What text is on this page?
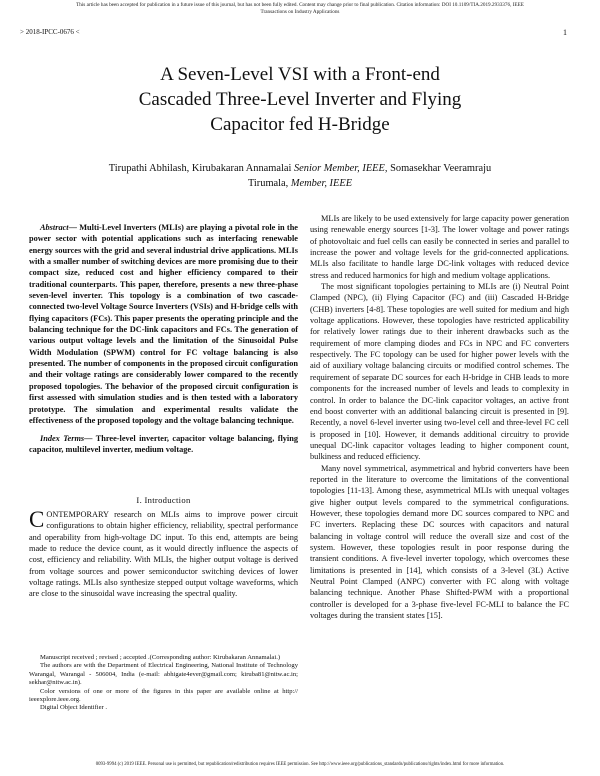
This article has been accepted for publication in a future issue of this journal, but has not been fully edited. Content may change prior to final publication. Citation information: DOI 10.1109/TIA.2019.2933376, IEEE
Transactions on Industry Applications
> 2018-IPCC-0676 <	1
A Seven-Level VSI with a Front-end
Cascaded Three-Level Inverter and Flying
Capacitor fed H-Bridge
Tirupathi Abhilash, Kirubakaran Annamalai Senior Member, IEEE, Somasekhar Veeramraju
Tirumala, Member, IEEE

Abstract— Multi-Level Inverters (MLIs) are playing a pivotal role in the power sector with potential applications such as interfacing renewable energy sources with the grid and several industrial drive applications. MLIs with a smaller number of switching devices are more promising due to their compact size, reduced cost and higher efficiency compared to their traditional counterparts. This paper, therefore, presents a new three-phase seven-level inverter. This topology is a combination of two cascade-connected two-level Voltage Source Inverters (VSIs) and H-bridge cells with flying capacitors (FCs). This paper presents the operating principle and the balancing technique for the DC-link capacitors and FCs. The generation of various output voltage levels and the limitation of the Sinusoidal Pulse Width Modulation (SPWM) control for FC voltage balancing is also presented. The number of components in the proposed circuit configuration and their voltage ratings are considerably lower compared to the recently proposed topologies. The behavior of the proposed circuit configuration is first assessed with simulation studies and is then tested with a laboratory prototype. The simulation and experimental results validate the effectiveness of the proposed topology and the voltage balancing technique.

Index Terms— Three-level inverter, capacitor voltage balancing, flying capacitor, multilevel inverter, medium voltage.

I. Introduction

CONTEMPORARY research on MLIs aims to improve power circuit configurations to obtain higher efficiency, reliability, spectral performance and operability from high-voltage DC input. To this end, attempts are being made to reduce the device count, as it would directly influence the aspects of cost, efficiency and reliability. With MLIs, the higher output voltage is derived from voltage sources and power semiconductor switching devices of lower voltage ratings. MLIs also synthesize stepped output voltage waveforms, which are close to the sinusoidal wave increasing the spectral quality.

Manuscript received ; revised ; accepted .(Corresponding author: Kirubakaran Annamalai.)

The authors are with the Department of Electrical Engineering, National Institute of Technology Warangal, Warangal - 506004, India (e-mail: abhigate4ever@gmail.com; kiruba81@nitw.ac.in; sekhar@nitw.ac.in).

Color versions of one or more of the figures in this paper are available online at http:// ieeexplore.ieee.org.

Digital Object Identifier .

MLIs are likely to be used extensively for large capacity power generation using renewable energy sources [1-3]. The lower voltage and power ratings of photovoltaic and fuel cells can easily be connected in series and parallel to increase the power and voltage levels for the grid-connected applications. MLIs also facilitate to handle large DC-link voltages with reduced device stress and reduced harmonics for high and medium voltage applications.

The most significant topologies pertaining to MLIs are (i) Neutral Point Clamped (NPC), (ii) Flying Capacitor (FC) and (iii) Cascaded H-Bridge (CHB) inverters [4-8]. These topologies are well suited for medium and high voltage applications. However, these topologies have restricted applicability for relatively lower ratings due to their inherent drawbacks such as the requirement of more clamping diodes and FCs in NPC and FC converters respectively. The FC topology can be used for higher power levels with the aid of auxiliary voltage balancing circuits or modified control schemes. The requirement of separate DC sources for each H-bridge in CHB leads to more components for the increased number of levels and leads to complexity in control. In order to balance the DC-link capacitor voltages, an active front end boost converter with an additional balancing circuit is presented in [9]. Recently, a novel 6-level inverter using two-level cell and three-level FC cell is proposed in [10]. However, it demands additional circuitry to provide unequal DC-link capacitor voltages leading to higher component count, bulkiness and reduced efficiency.

Many novel symmetrical, asymmetrical and hybrid converters have been reported in the literature to overcome the limitations of the conventional topologies [11-13]. Among these, asymmetrical MLIs with unequal voltages give higher output levels compared to the symmetrical configurations. However, these topologies demand more DC sources compared to NPC and FC inverters. Replacing these DC sources with capacitors and natural balancing in voltage control will reduce the overall size and cost of the system. However, these topologies result in poor response during the transient conditions. A five-level inverter topology, which overcomes these limitations is presented in [14], which consists of a 3-level (3L) Active Neutral Point Clamped (ANPC) converter with FC along with voltage balancing technique. Another Phase Shifted-PWM with a proportional controller is developed for a 3-phase five-level FC-MLI to balance the FC voltages during the transient states [15].

0093-9994 (c) 2019 IEEE. Personal use is permitted, but republication/redistribution requires IEEE permission. See http://www.ieee.org/publications_standards/publications/rights/index.html for more information.
